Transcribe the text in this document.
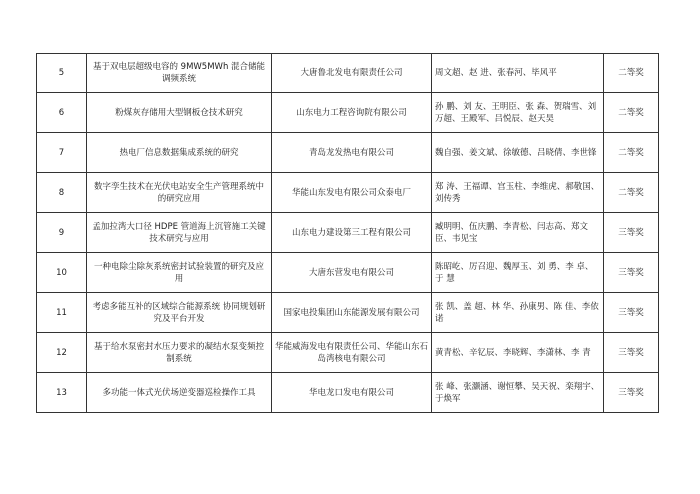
5	基于双电层超级电容的 9MW5MWh 混合储能调频系统	大唐鲁北发电有限责任公司	周文超、赵 进、张春河、毕风平	二等奖
6	粉煤灰存储用大型钢板仓技术研究	山东电力工程咨询院有限公司	孙 鹏、刘 友、王明臣、张 森、贺瑞雪、刘万超、王殿军、吕悦辰、赵天昊	二等奖
7	热电厂信息数据集成系统的研究	青岛龙发热电有限公司	魏自强、姜文斌、徐敏德、吕晓倩、李世锋	二等奖
8	数字孪生技术在光伏电站安全生产管理系统中的研究应用	华能山东发电有限公司众泰电厂	郑 涛、王福谭、宫玉柱、李维虎、郝敬国、刘传秀	二等奖
9	孟加拉湾大口径 HDPE 管道海上沉管施工关键技术研究与应用	山东电力建设第三工程有限公司	臧明明、伍庆鹏、李青松、闫志高、郑文臣、韦见宝	三等奖
10	一种电除尘除灰系统密封试验装置的研究及应用	大唐东营发电有限公司	陈昭屹、厉召迎、魏厚玉、刘 勇、李 卓、于 慧	三等奖
11	考虑多能互补的区域综合能源系统 协同规划研究及平台开发	国家电投集团山东能源发展有限公司	张 凯、盖 超、林 华、孙康男、陈 佳、李依诺	三等奖
12	基于给水泵密封水压力要求的凝结水泵变频控制系统	华能威海发电有限责任公司、华能山东石岛湾核电有限公司	黄青松、辛钇辰、李晓辉、李潇林、李 青	三等奖
13	多功能一体式光伏场逆变器巡检操作工具	华电龙口发电有限公司	张 峰、张灏涵、谢恒攀、吴天祝、栾翔宇、于焕军	三等奖
